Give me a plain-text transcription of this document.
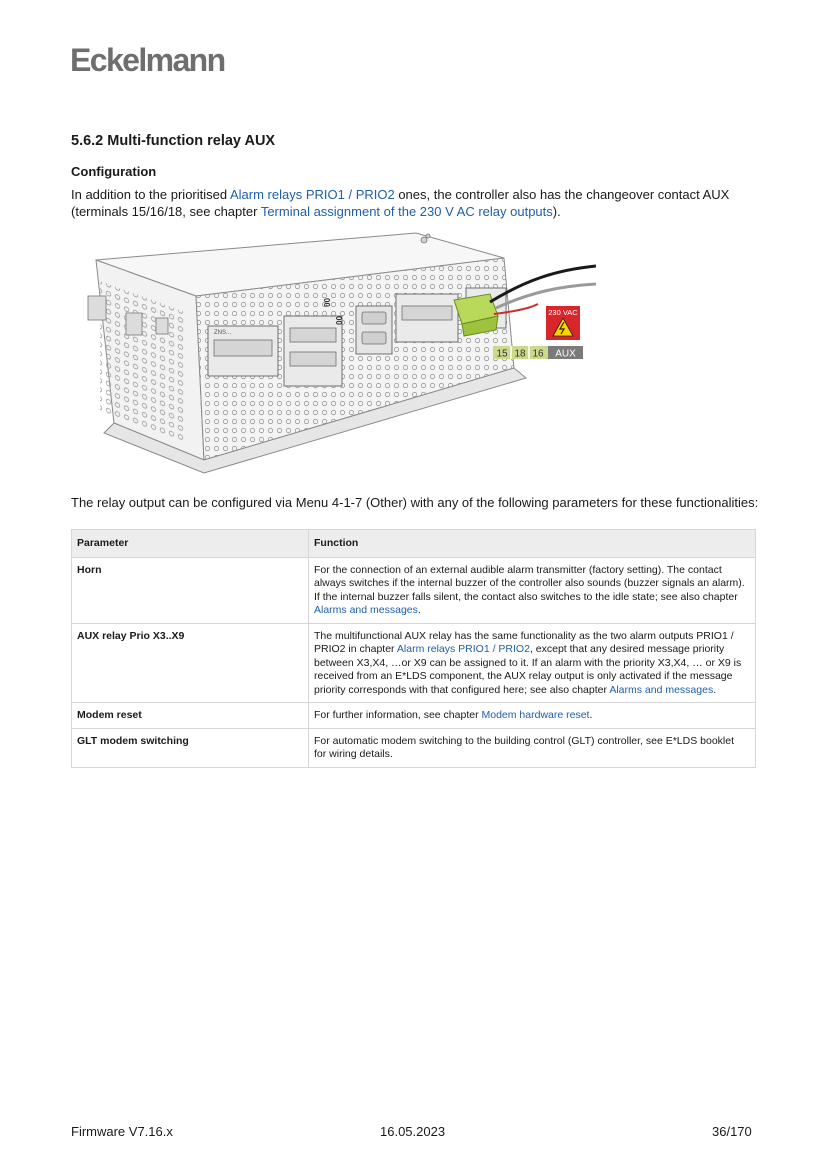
Eckelmann
5.6.2 Multi-function relay AUX
Configuration

In addition to the prioritised Alarm relays PRIO1 / PRIO2 ones, the controller also has the changeover contact AUX (terminals 15/16/18, see chapter Terminal assignment of the 230 V AC relay outputs).

ZNS...
00
00
230 VAC
15 18 16 AUX

The relay output can be configured via Menu 4-1-7 (Other) with any of the following parameters for these functionalities:

Parameter	Function
Horn	For the connection of an external audible alarm transmitter (factory setting). The contact always switches if the internal buzzer of the controller also sounds (buzzer signals an alarm). If the internal buzzer falls silent, the contact also switches to the idle state; see also chapter Alarms and messages.
AUX relay Prio X3..X9	The multifunctional AUX relay has the same functionality as the two alarm outputs PRIO1 / PRIO2 in chapter Alarm relays PRIO1 / PRIO2, except that any desired message priority between X3,X4, …or X9 can be assigned to it. If an alarm with the priority X3,X4, … or X9 is received from an E*LDS component, the AUX relay output is only activated if the message priority corresponds with that configured here; see also chapter Alarms and messages.
Modem reset	For further information, see chapter Modem hardware reset.
GLT modem switching	For automatic modem switching to the building control (GLT) controller, see E*LDS booklet for wiring details.
Firmware V7.16.x	16.05.2023	36/170
